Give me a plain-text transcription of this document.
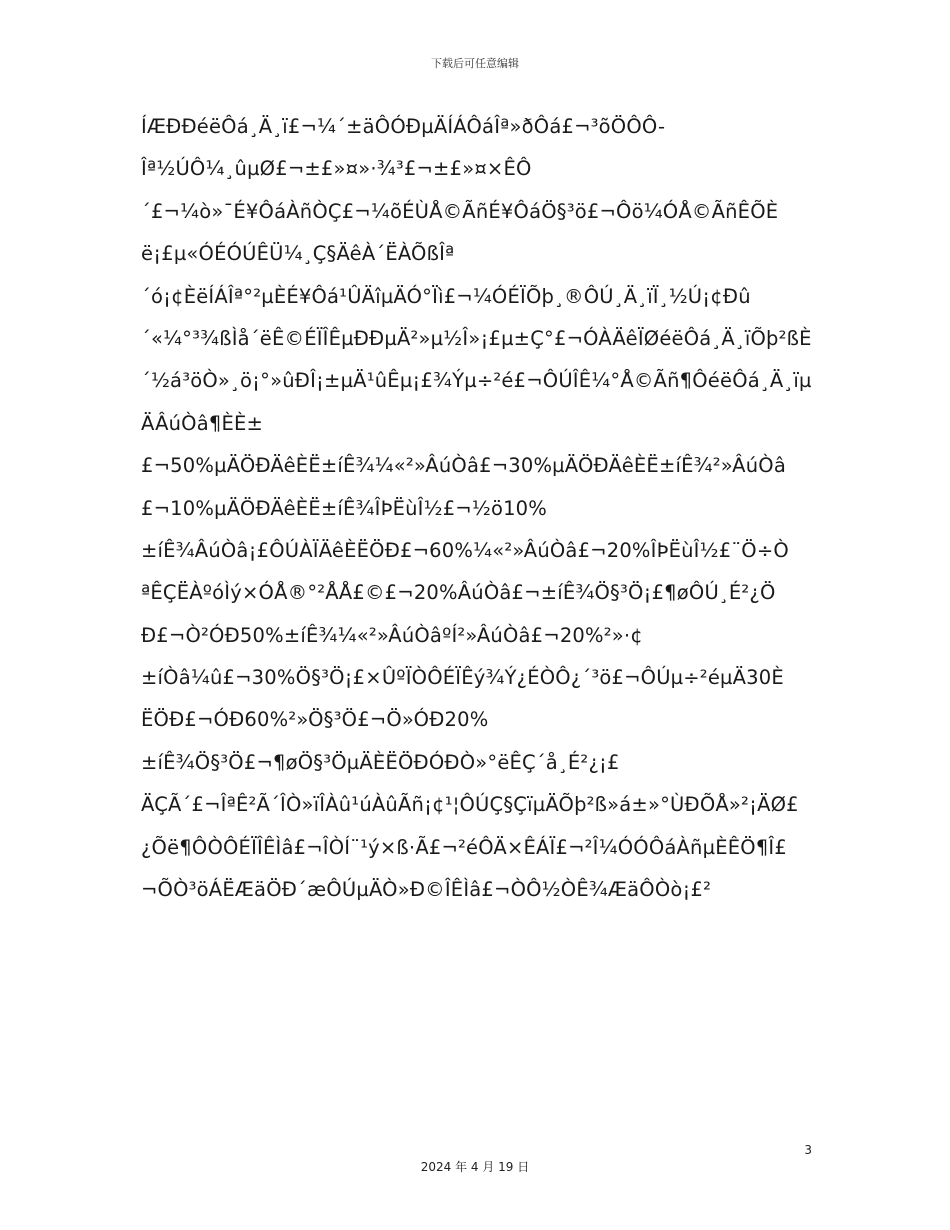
下载后可任意编辑
ÍÆÐÐéëÔá¸Ä¸ï£¬¼´±äÔÓÐµÄÍÁÔáÎª»ðÔá£¬³õÖÔÔ-
Îª½ÚÔ¼¸ûµØ£¬±£»¤»·¾³£¬±£»¤×ÊÔ
´£¬¼ò»¯É¥ÔáÀñÒÇ£¬¼õÉÙÅ©ÃñÉ¥ÔáÖ§³ö£¬Ôö¼ÓÅ©ÃñÊÕÈ
ë¡£µ«ÓÉÓÚÊÜ¼¸Ç§ÄêÀ´ËÀÕßÎª
´ó¡¢ÈëÍÁÎª°²µÈÉ¥Ôá¹ÛÄîµÄÓ°Ïì£¬¼ÓÉÏÕþ¸®ÔÚ¸Ä¸ïÏ¸½Ú¡¢Ðû
´«¼°³¾ßÌå´ëÊ©ÉÏÎÊµÐÐµÄ²»µ½Î»¡£µ±Ç°£¬ÓÀÄêÏØéëÔá¸Ä¸ïÕþ²ßÈ
´½á³öÒ»¸ö¡°»ûÐÎ¡±µÄ¹ûÊµ¡£¾Ýµ÷²é£¬ÔÚÎÊ¼°Å©Ãñ¶ÔéëÔá¸Ä¸ïµ
ÄÂúÒâ¶ÈÈ±
£¬50%µÄÖÐÄêÈË±íÊ¾¼«²»ÂúÒâ£¬30%µÄÖÐÄêÈË±íÊ¾²»ÂúÒâ
£¬10%µÄÖÐÄêÈË±íÊ¾ÎÞËùÎ½£¬½ö10%
±íÊ¾ÂúÒâ¡£ÔÚÀÏÄêÈËÖÐ£¬60%¼«²»ÂúÒâ£¬20%ÎÞËùÎ½£¨Ö÷Ò
ªÊÇËÀºóÌý×ÓÅ®°²ÅÅ£©£¬20%ÂúÒâ£¬±íÊ¾Ö§³Ö¡£¶øÔÚ¸É²¿Ö
Ð£¬Ò²ÓÐ50%±íÊ¾¼«²»ÂúÒâºÍ²»ÂúÒâ£¬20%²»·¢
±íÒâ¼û£¬30%Ö§³Ö¡£×ÛºÏÒÔÉÏÊý¾Ý¿ÉÒÔ¿´³ö£¬ÔÚµ÷²éµÄ30È
ËÖÐ£¬ÓÐ60%²»Ö§³Ö£¬Ö»ÓÐ20%
±íÊ¾Ö§³Ö£¬¶øÖ§³ÖµÄÈËÖÐÓÐÒ»°ëÊÇ´å¸É²¿¡£
ÄÇÃ´£¬ÎªÊ²Ã´ÎÒ»ïÎÀû¹úÀûÃñ¡¢¹¦ÔÚÇ§ÇïµÄÕþ²ß»á±»°ÙÐÕÅ»²¡ÄØ£
¿Õë¶ÔÒÔÉÏÎÊÌâ£¬ÎÒÍ¨¹ý×ß·Ã£¬²éÔÄ×ÊÁÏ£¬²Î¼ÓÓÔáÀñµÈÊÖ¶Î£
¬ÕÒ³öÁËÆäÖÐ´æÔÚµÄÒ»Ð©ÎÊÌâ£¬ÒÔ½ÒÊ¾ÆäÔÒò¡£²
3
2024 年 4 月 19 日
